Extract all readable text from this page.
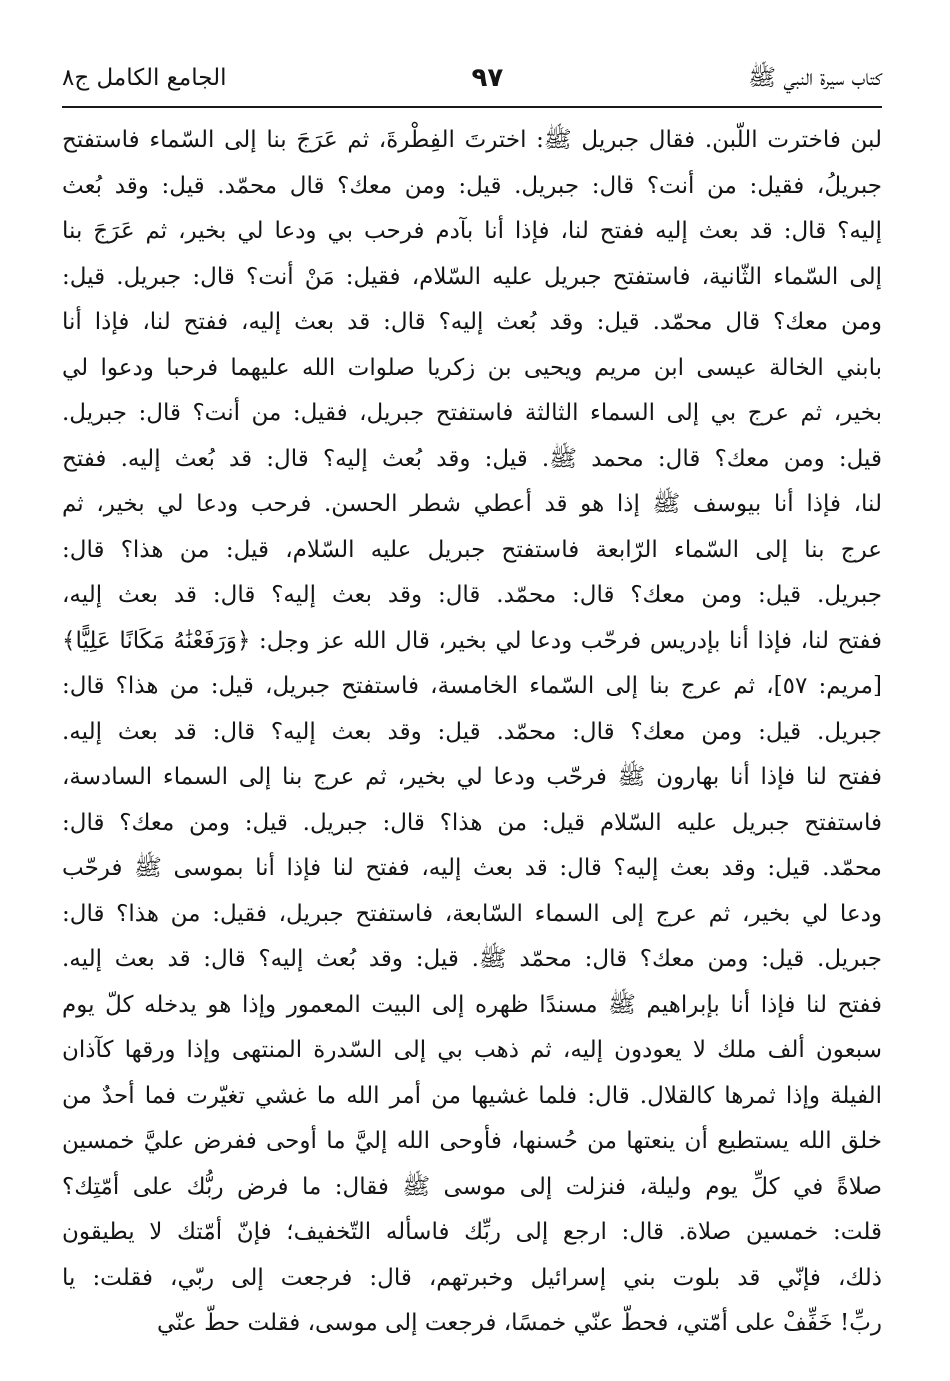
كتاب سيرة النبي ﷺ
٩٧
الجامع الكامل ج٨
لبن فاخترت اللّبن. فقال جبريل ﷺ: اخترتَ الفِطْرةَ، ثم عَرَجَ بنا إلى السّماء فاستفتح
جبريلُ، فقيل: من أنت؟ قال: جبريل. قيل: ومن معك؟ قال محمّد. قيل: وقد بُعث
إليه؟ قال: قد بعث إليه ففتح لنا، فإذا أنا بآدم فرحب بي ودعا لي بخير، ثم عَرَجَ بنا
إلى السّماء الثّانية، فاستفتح جبريل عليه السّلام، فقيل: مَنْ أنت؟ قال: جبريل. قيل:
ومن معك؟ قال محمّد. قيل: وقد بُعث إليه؟ قال: قد بعث إليه، ففتح لنا، فإذا أنا
بابني الخالة عيسى ابن مريم ويحيى بن زكريا صلوات الله عليهما فرحبا ودعوا لي
بخير، ثم عرج بي إلى السماء الثالثة فاستفتح جبريل، فقيل: من أنت؟ قال: جبريل.
قيل: ومن معك؟ قال: محمد ﷺ. قيل: وقد بُعث إليه؟ قال: قد بُعث إليه. ففتح
لنا، فإذا أنا بيوسف ﷺ إذا هو قد أعطي شطر الحسن. فرحب ودعا لي بخير، ثم
عرج بنا إلى السّماء الرّابعة فاستفتح جبريل عليه السّلام، قيل: من هذا؟ قال:
جبريل. قيل: ومن معك؟ قال: محمّد. قال: وقد بعث إليه؟ قال: قد بعث إليه،
ففتح لنا، فإذا أنا بإدريس فرحّب ودعا لي بخير، قال الله عز وجل: ﴿وَرَفَعْنَٰهُ مَكَانًا عَلِيًّا﴾
[مريم: ٥٧]، ثم عرج بنا إلى السّماء الخامسة، فاستفتح جبريل، قيل: من هذا؟ قال:
جبريل. قيل: ومن معك؟ قال: محمّد. قيل: وقد بعث إليه؟ قال: قد بعث إليه.
ففتح لنا فإذا أنا بهارون ﷺ فرحّب ودعا لي بخير، ثم عرج بنا إلى السماء السادسة،
فاستفتح جبريل عليه السّلام قيل: من هذا؟ قال: جبريل. قيل: ومن معك؟ قال:
محمّد. قيل: وقد بعث إليه؟ قال: قد بعث إليه، ففتح لنا فإذا أنا بموسى ﷺ فرحّب
ودعا لي بخير، ثم عرج إلى السماء السّابعة، فاستفتح جبريل، فقيل: من هذا؟ قال:
جبريل. قيل: ومن معك؟ قال: محمّد ﷺ. قيل: وقد بُعث إليه؟ قال: قد بعث إليه.
ففتح لنا فإذا أنا بإبراهيم ﷺ مسندًا ظهره إلى البيت المعمور وإذا هو يدخله كلّ يوم
سبعون ألف ملك لا يعودون إليه، ثم ذهب بي إلى السّدرة المنتهى وإذا ورقها كآذان
الفيلة وإذا ثمرها كالقلال. قال: فلما غشيها من أمر الله ما غشي تغيّرت فما أحدٌ من
خلق الله يستطيع أن ينعتها من حُسنها، فأوحى الله إليَّ ما أوحى ففرض عليَّ خمسين
صلاةً في كلِّ يوم وليلة، فنزلت إلى موسى ﷺ فقال: ما فرض ربُّك على أمّتِك؟
قلت: خمسين صلاة. قال: ارجع إلى ربِّك فاسأله التّخفيف؛ فإنّ أمّتك لا يطيقون
ذلك، فإنّي قد بلوت بني إسرائيل وخبرتهم، قال: فرجعت إلى ربّي، فقلت: يا
ربِّ! خَفِّفْ على أمّتي، فحطّ عنّي خمسًا، فرجعت إلى موسى، فقلت حطّ عنّي
